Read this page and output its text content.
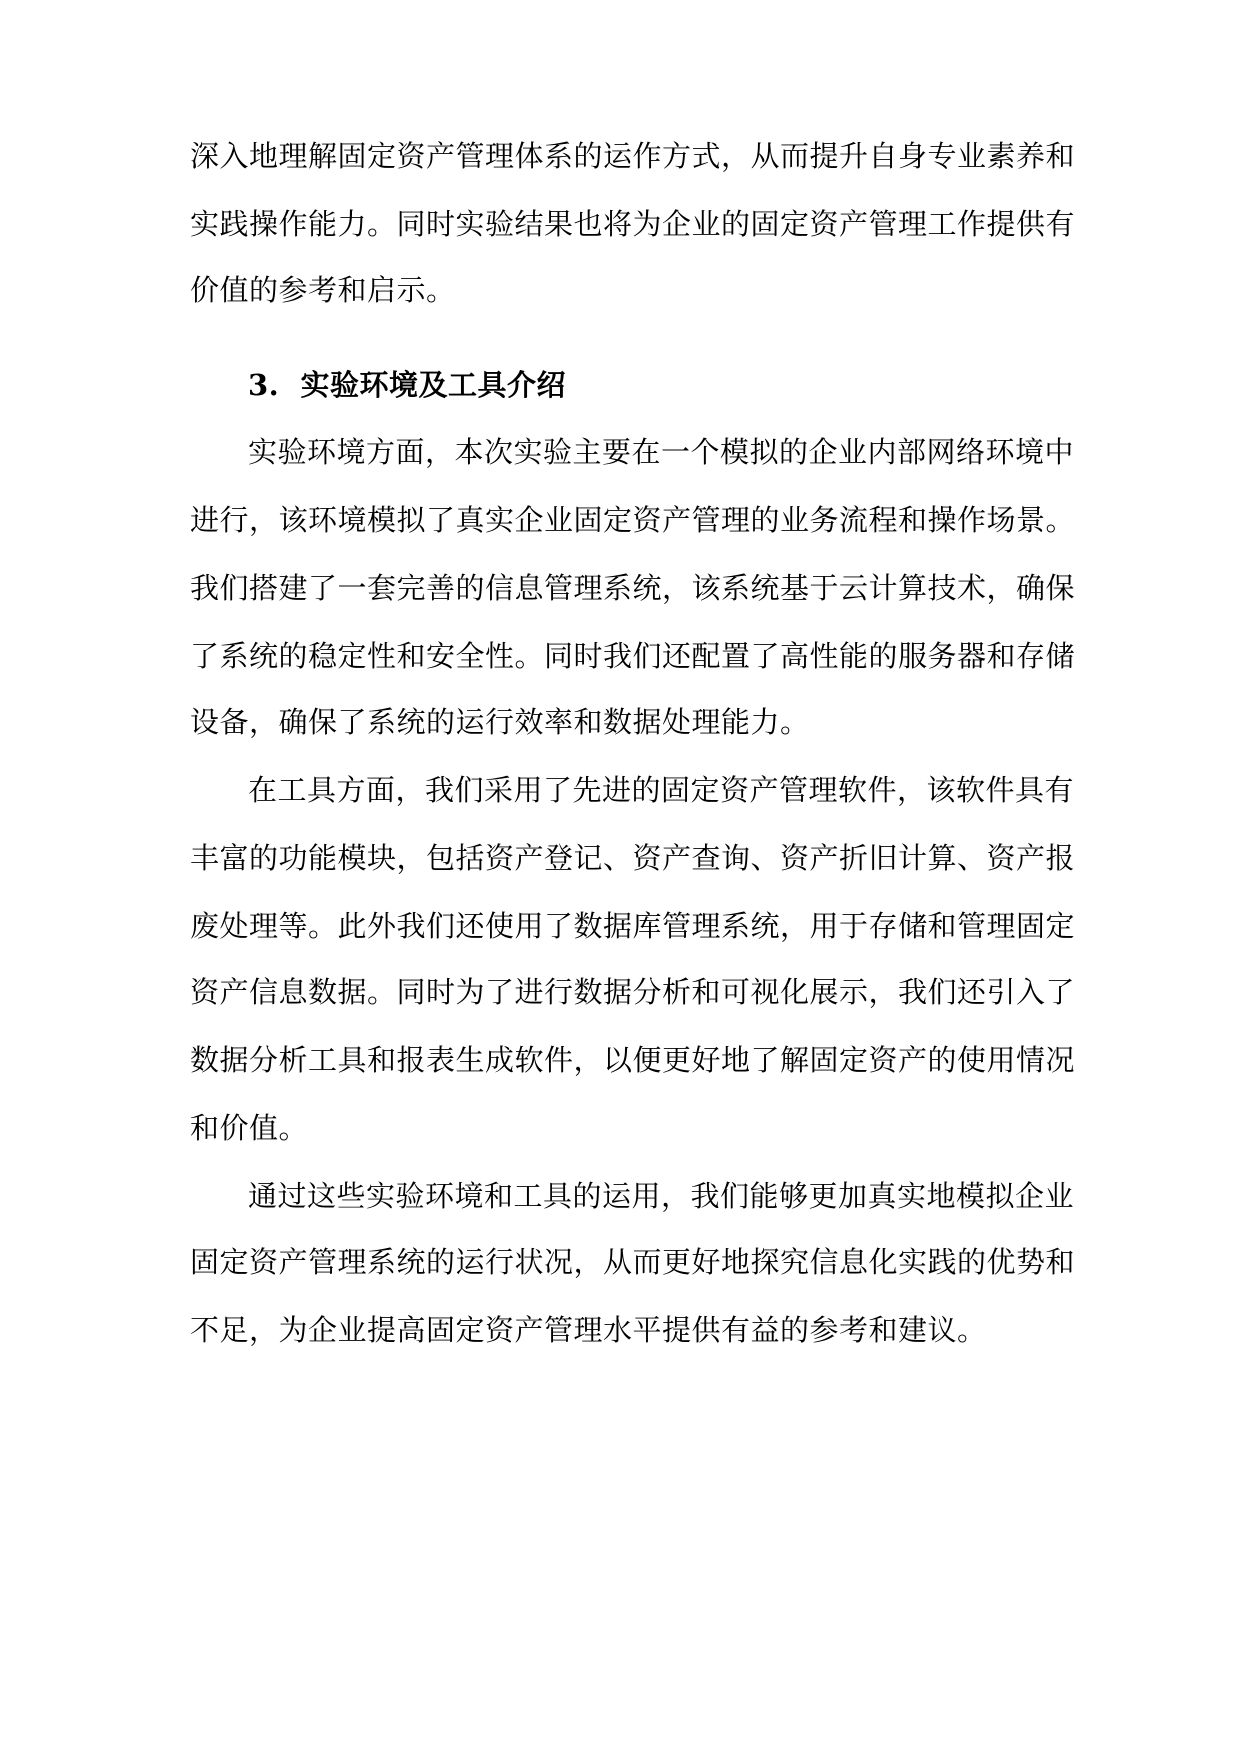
深入地理解固定资产管理体系的运作方式，从而提升自身专业素养和
实践操作能力。同时实验结果也将为企业的固定资产管理工作提供有
价值的参考和启示。
3. 实验环境及工具介绍
实验环境方面，本次实验主要在一个模拟的企业内部网络环境中
进行，该环境模拟了真实企业固定资产管理的业务流程和操作场景。
我们搭建了一套完善的信息管理系统，该系统基于云计算技术，确保
了系统的稳定性和安全性。同时我们还配置了高性能的服务器和存储
设备，确保了系统的运行效率和数据处理能力。
在工具方面，我们采用了先进的固定资产管理软件，该软件具有
丰富的功能模块，包括资产登记、资产查询、资产折旧计算、资产报
废处理等。此外我们还使用了数据库管理系统，用于存储和管理固定
资产信息数据。同时为了进行数据分析和可视化展示，我们还引入了
数据分析工具和报表生成软件，以便更好地了解固定资产的使用情况
和价值。
通过这些实验环境和工具的运用，我们能够更加真实地模拟企业
固定资产管理系统的运行状况，从而更好地探究信息化实践的优势和
不足，为企业提高固定资产管理水平提供有益的参考和建议。
